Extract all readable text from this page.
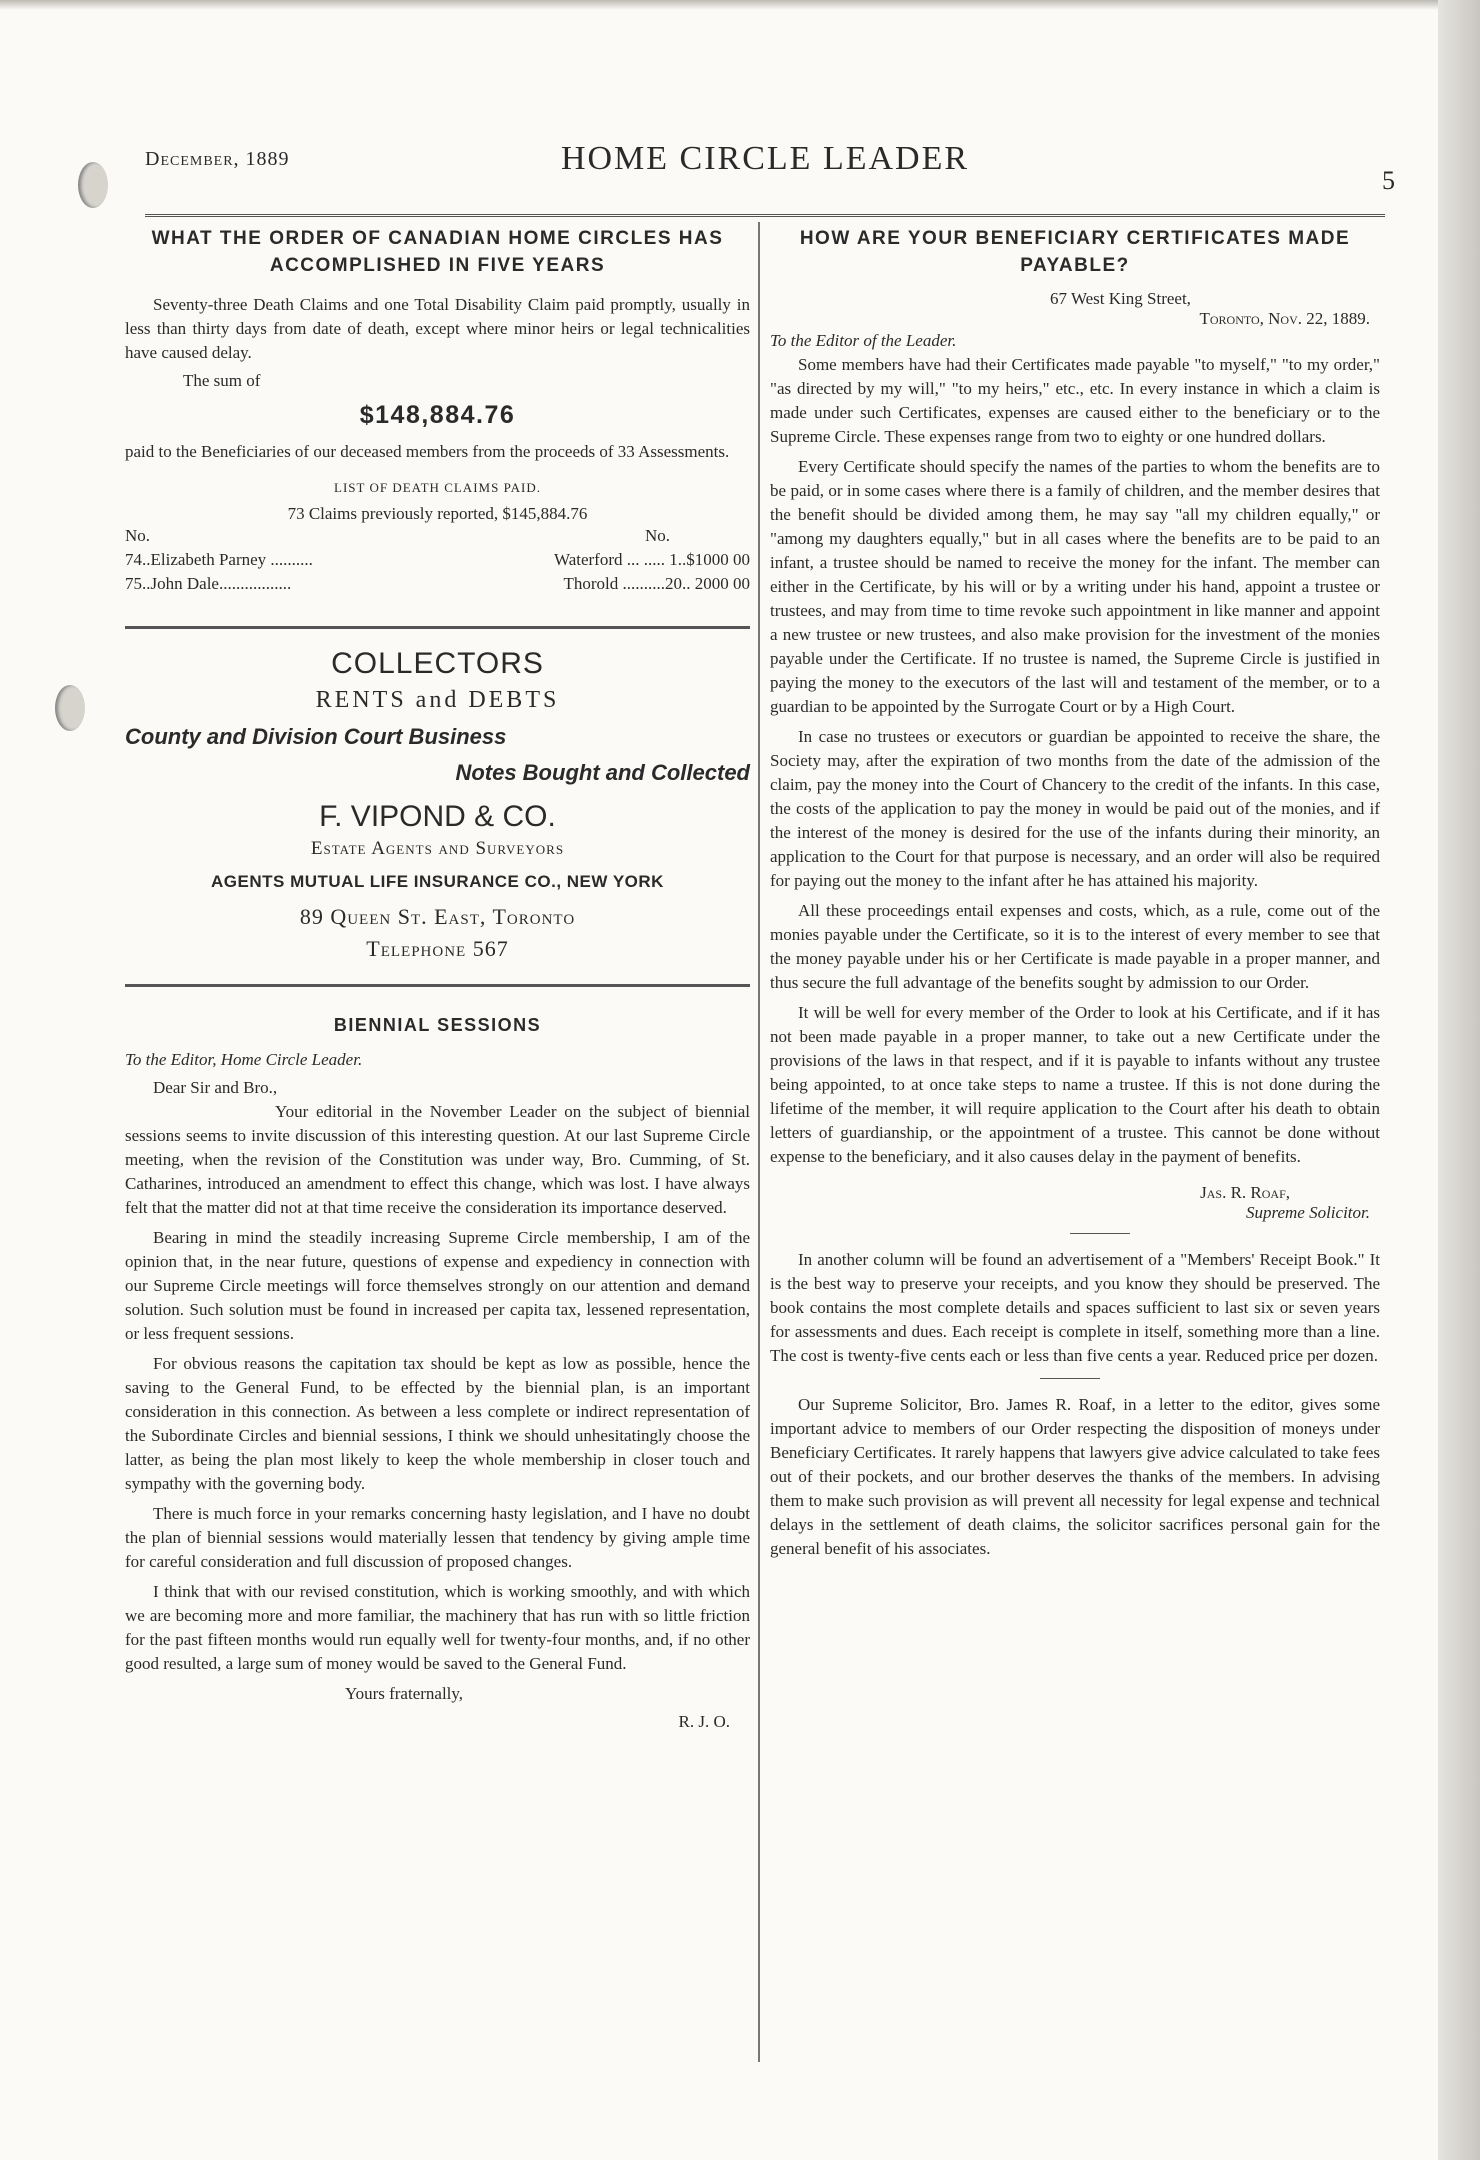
December, 1889	HOME CIRCLE LEADER
5
WHAT THE ORDER OF CANADIAN HOME CIRCLES HAS ACCOMPLISHED IN FIVE YEARS

Seventy-three Death Claims and one Total Disability Claim paid promptly, usually in less than thirty days from date of death, except where minor heirs or legal technicalities have caused delay.

The sum of

$148,884.76

paid to the Beneficiaries of our deceased members from the proceeds of 33 Assessments.

LIST OF DEATH CLAIMS PAID.
73 Claims previously reported, $145,884.76
No.	No.
74..Elizabeth Parney ..........	Waterford ... ..... 1..$1000 00
75..John Dale.................	Thorold ..........20.. 2000 00
COLLECTORS
RENTS and DEBTS
County and Division Court Business
Notes Bought and Collected
F. VIPOND & CO.
Estate Agents and Surveyors
AGENTS MUTUAL LIFE INSURANCE CO., NEW YORK
89 Queen St. East, Toronto
Telephone 567
BIENNIAL SESSIONS

To the Editor, Home Circle Leader.

Dear Sir and Bro.,

Your editorial in the November Leader on the subject of biennial sessions seems to invite discussion of this interesting question. At our last Supreme Circle meeting, when the revision of the Constitution was under way, Bro. Cumming, of St. Catharines, introduced an amendment to effect this change, which was lost. I have always felt that the matter did not at that time receive the consideration its importance deserved.

Bearing in mind the steadily increasing Supreme Circle membership, I am of the opinion that, in the near future, questions of expense and expediency in connection with our Supreme Circle meetings will force themselves strongly on our attention and demand solution. Such solution must be found in increased per capita tax, lessened representation, or less frequent sessions.

For obvious reasons the capitation tax should be kept as low as possible, hence the saving to the General Fund, to be effected by the biennial plan, is an important consideration in this connection. As between a less complete or indirect representation of the Subordinate Circles and biennial sessions, I think we should unhesitatingly choose the latter, as being the plan most likely to keep the whole membership in closer touch and sympathy with the governing body.

There is much force in your remarks concerning hasty legislation, and I have no doubt the plan of biennial sessions would materially lessen that tendency by giving ample time for careful consideration and full discussion of proposed changes.

I think that with our revised constitution, which is working smoothly, and with which we are becoming more and more familiar, the machinery that has run with so little friction for the past fifteen months would run equally well for twenty-four months, and, if no other good resulted, a large sum of money would be saved to the General Fund.

Yours fraternally,
R. J. O.
HOW ARE YOUR BENEFICIARY CERTIFICATES MADE PAYABLE?
67 West King Street,
Toronto, Nov. 22, 1889.

To the Editor of the Leader.

Some members have had their Certificates made payable "to myself," "to my order," "as directed by my will," "to my heirs," etc., etc. In every instance in which a claim is made under such Certificates, expenses are caused either to the beneficiary or to the Supreme Circle. These expenses range from two to eighty or one hundred dollars.

Every Certificate should specify the names of the parties to whom the benefits are to be paid, or in some cases where there is a family of children, and the member desires that the benefit should be divided among them, he may say "all my children equally," or "among my daughters equally," but in all cases where the benefits are to be paid to an infant, a trustee should be named to receive the money for the infant. The member can either in the Certificate, by his will or by a writing under his hand, appoint a trustee or trustees, and may from time to time revoke such appointment in like manner and appoint a new trustee or new trustees, and also make provision for the investment of the monies payable under the Certificate. If no trustee is named, the Supreme Circle is justified in paying the money to the executors of the last will and testament of the member, or to a guardian to be appointed by the Surrogate Court or by a High Court.

In case no trustees or executors or guardian be appointed to receive the share, the Society may, after the expiration of two months from the date of the admission of the claim, pay the money into the Court of Chancery to the credit of the infants. In this case, the costs of the application to pay the money in would be paid out of the monies, and if the interest of the money is desired for the use of the infants during their minority, an application to the Court for that purpose is necessary, and an order will also be required for paying out the money to the infant after he has attained his majority.

All these proceedings entail expenses and costs, which, as a rule, come out of the monies payable under the Certificate, so it is to the interest of every member to see that the money payable under his or her Certificate is made payable in a proper manner, and thus secure the full advantage of the benefits sought by admission to our Order.

It will be well for every member of the Order to look at his Certificate, and if it has not been made payable in a proper manner, to take out a new Certificate under the provisions of the laws in that respect, and if it is payable to infants without any trustee being appointed, to at once take steps to name a trustee. If this is not done during the lifetime of the member, it will require application to the Court after his death to obtain letters of guardianship, or the appointment of a trustee. This cannot be done without expense to the beneficiary, and it also causes delay in the payment of benefits.

Jas. R. Roaf,
Supreme Solicitor.

In another column will be found an advertisement of a "Members' Receipt Book." It is the best way to preserve your receipts, and you know they should be preserved. The book contains the most complete details and spaces sufficient to last six or seven years for assessments and dues. Each receipt is complete in itself, something more than a line. The cost is twenty-five cents each or less than five cents a year. Reduced price per dozen.

Our Supreme Solicitor, Bro. James R. Roaf, in a letter to the editor, gives some important advice to members of our Order respecting the disposition of moneys under Beneficiary Certificates. It rarely happens that lawyers give advice calculated to take fees out of their pockets, and our brother deserves the thanks of the members. In advising them to make such provision as will prevent all necessity for legal expense and technical delays in the settlement of death claims, the solicitor sacrifices personal gain for the general benefit of his associates.
